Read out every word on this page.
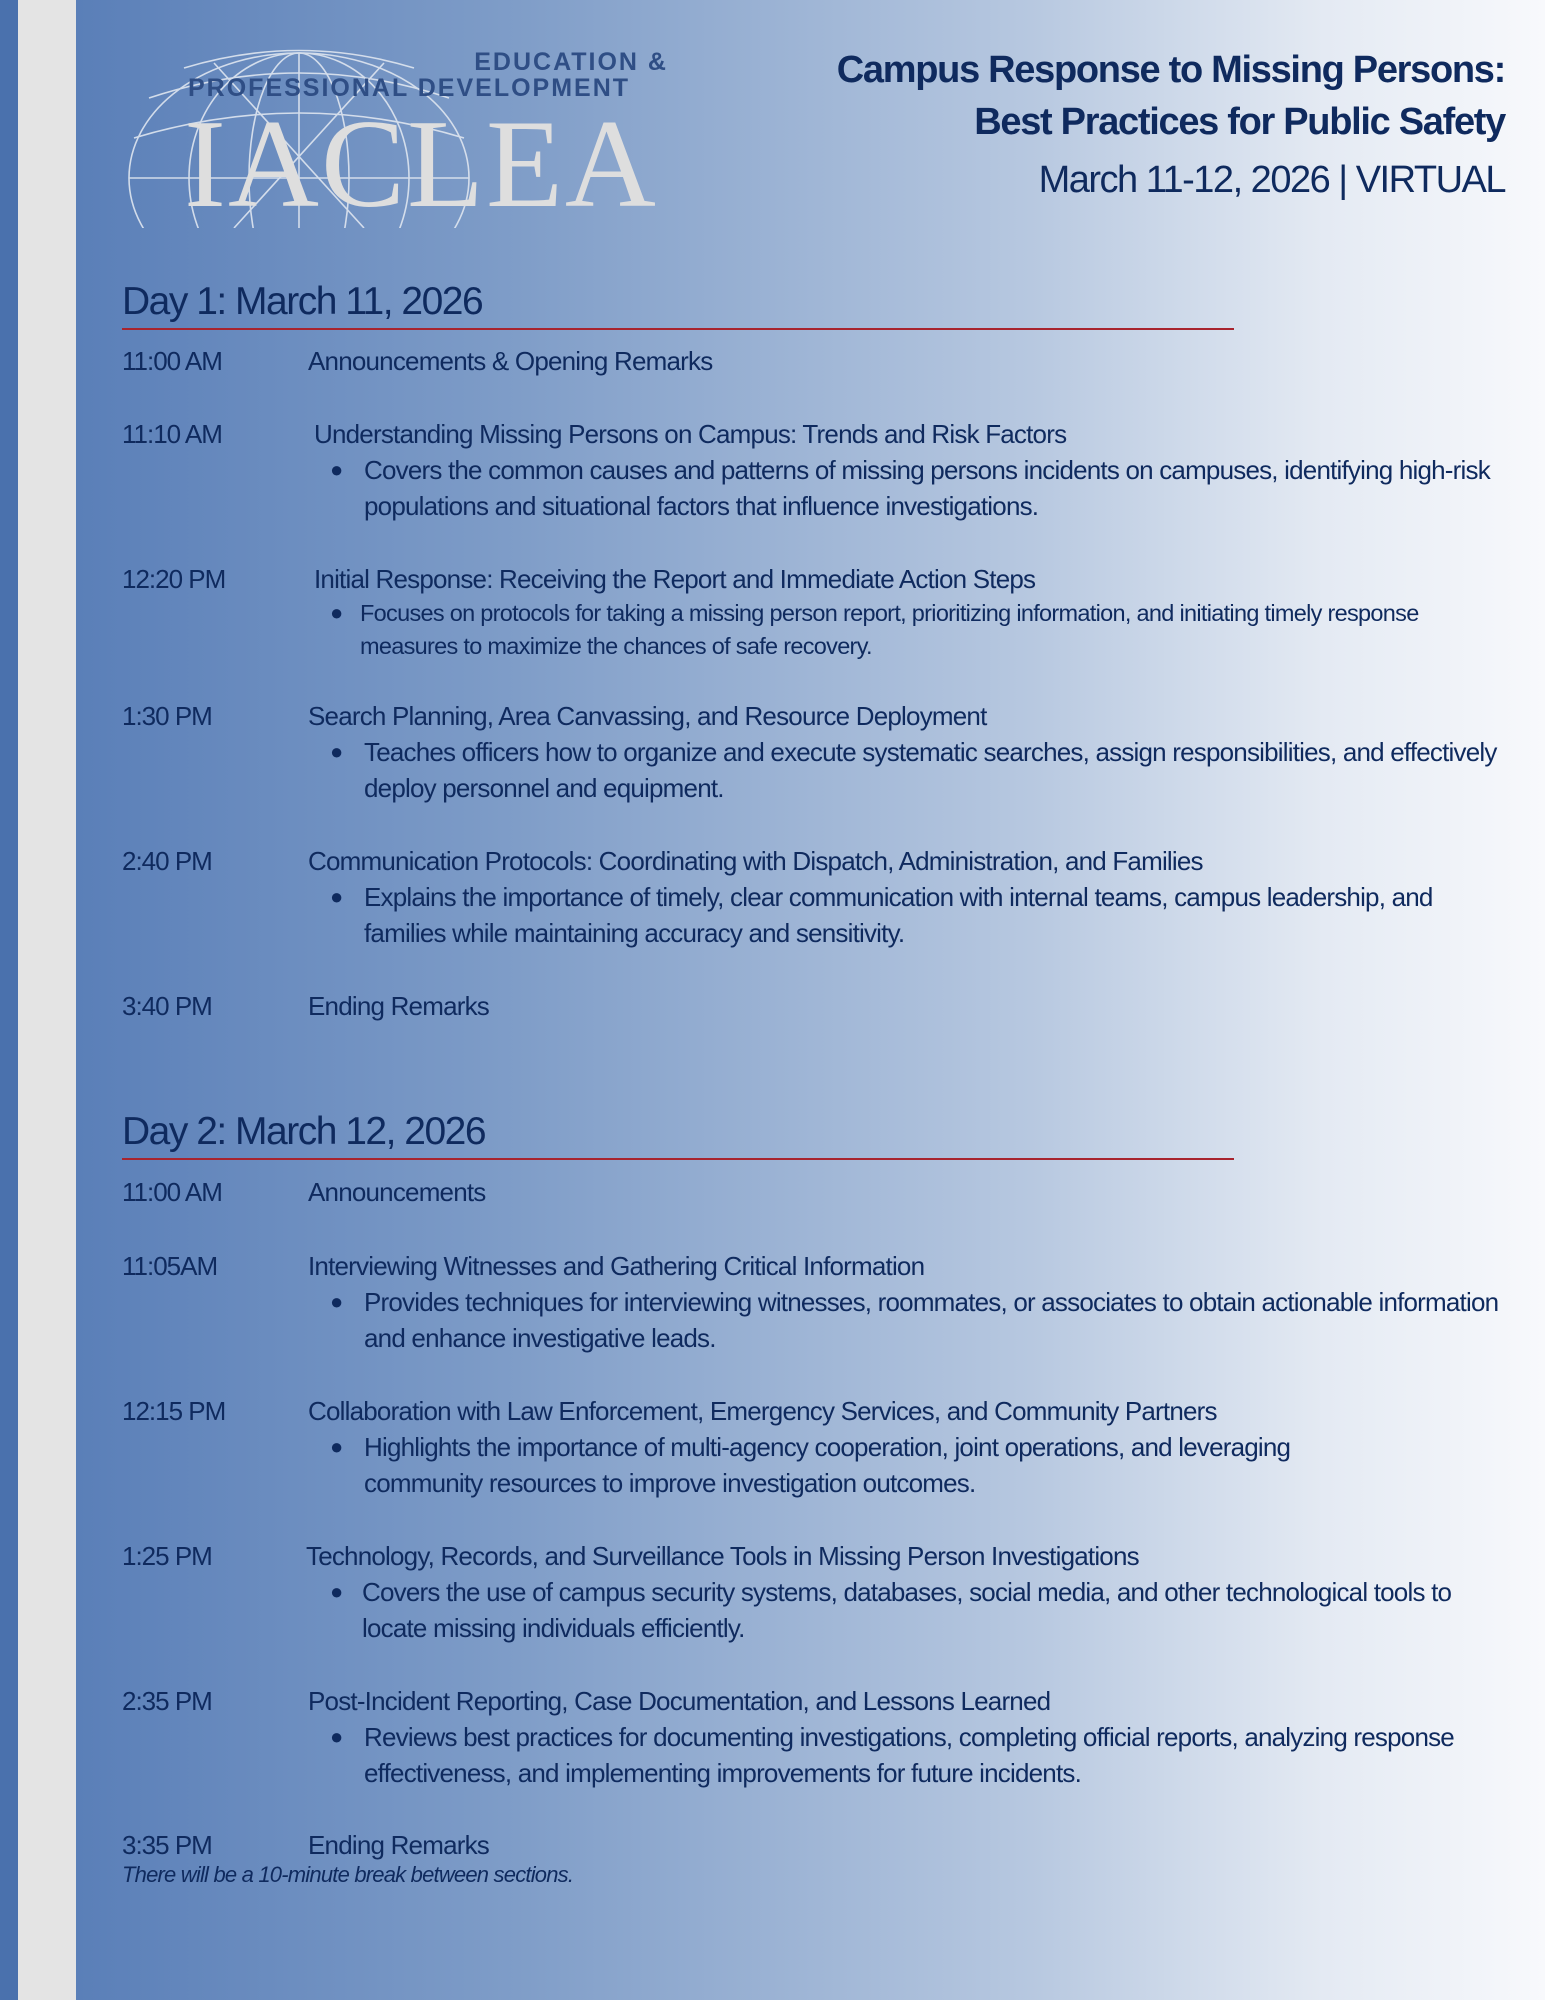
EDUCATION &
PROFESSIONAL DEVELOPMENT
IACLEA
Campus Response to Missing Persons:
Best Practices for Public Safety
March 11-12, 2026 | VIRTUAL
Day 1: March 11, 2026
11:00 AM	Announcements & Opening Remarks
11:10 AM	Understanding Missing Persons on Campus: Trends and Risk Factors
● Covers the common causes and patterns of missing persons incidents on campuses, identifying high-risk populations and situational factors that influence investigations.
12:20 PM	Initial Response: Receiving the Report and Immediate Action Steps
● Focuses on protocols for taking a missing person report, prioritizing information, and initiating timely response measures to maximize the chances of safe recovery.
1:30 PM	Search Planning, Area Canvassing, and Resource Deployment
● Teaches officers how to organize and execute systematic searches, assign responsibilities, and effectively deploy personnel and equipment.
2:40 PM	Communication Protocols: Coordinating with Dispatch, Administration, and Families
● Explains the importance of timely, clear communication with internal teams, campus leadership, and families while maintaining accuracy and sensitivity.
3:40 PM	Ending Remarks
Day 2: March 12, 2026
11:00 AM	Announcements
11:05AM	Interviewing Witnesses and Gathering Critical Information
● Provides techniques for interviewing witnesses, roommates, or associates to obtain actionable information and enhance investigative leads.
12:15 PM	Collaboration with Law Enforcement, Emergency Services, and Community Partners
● Highlights the importance of multi-agency cooperation, joint operations, and leveraging community resources to improve investigation outcomes.
1:25 PM	Technology, Records, and Surveillance Tools in Missing Person Investigations
● Covers the use of campus security systems, databases, social media, and other technological tools to locate missing individuals efficiently.
2:35 PM	Post-Incident Reporting, Case Documentation, and Lessons Learned
● Reviews best practices for documenting investigations, completing official reports, analyzing response effectiveness, and implementing improvements for future incidents.
3:35 PM	Ending Remarks
There will be a 10-minute break between sections.
